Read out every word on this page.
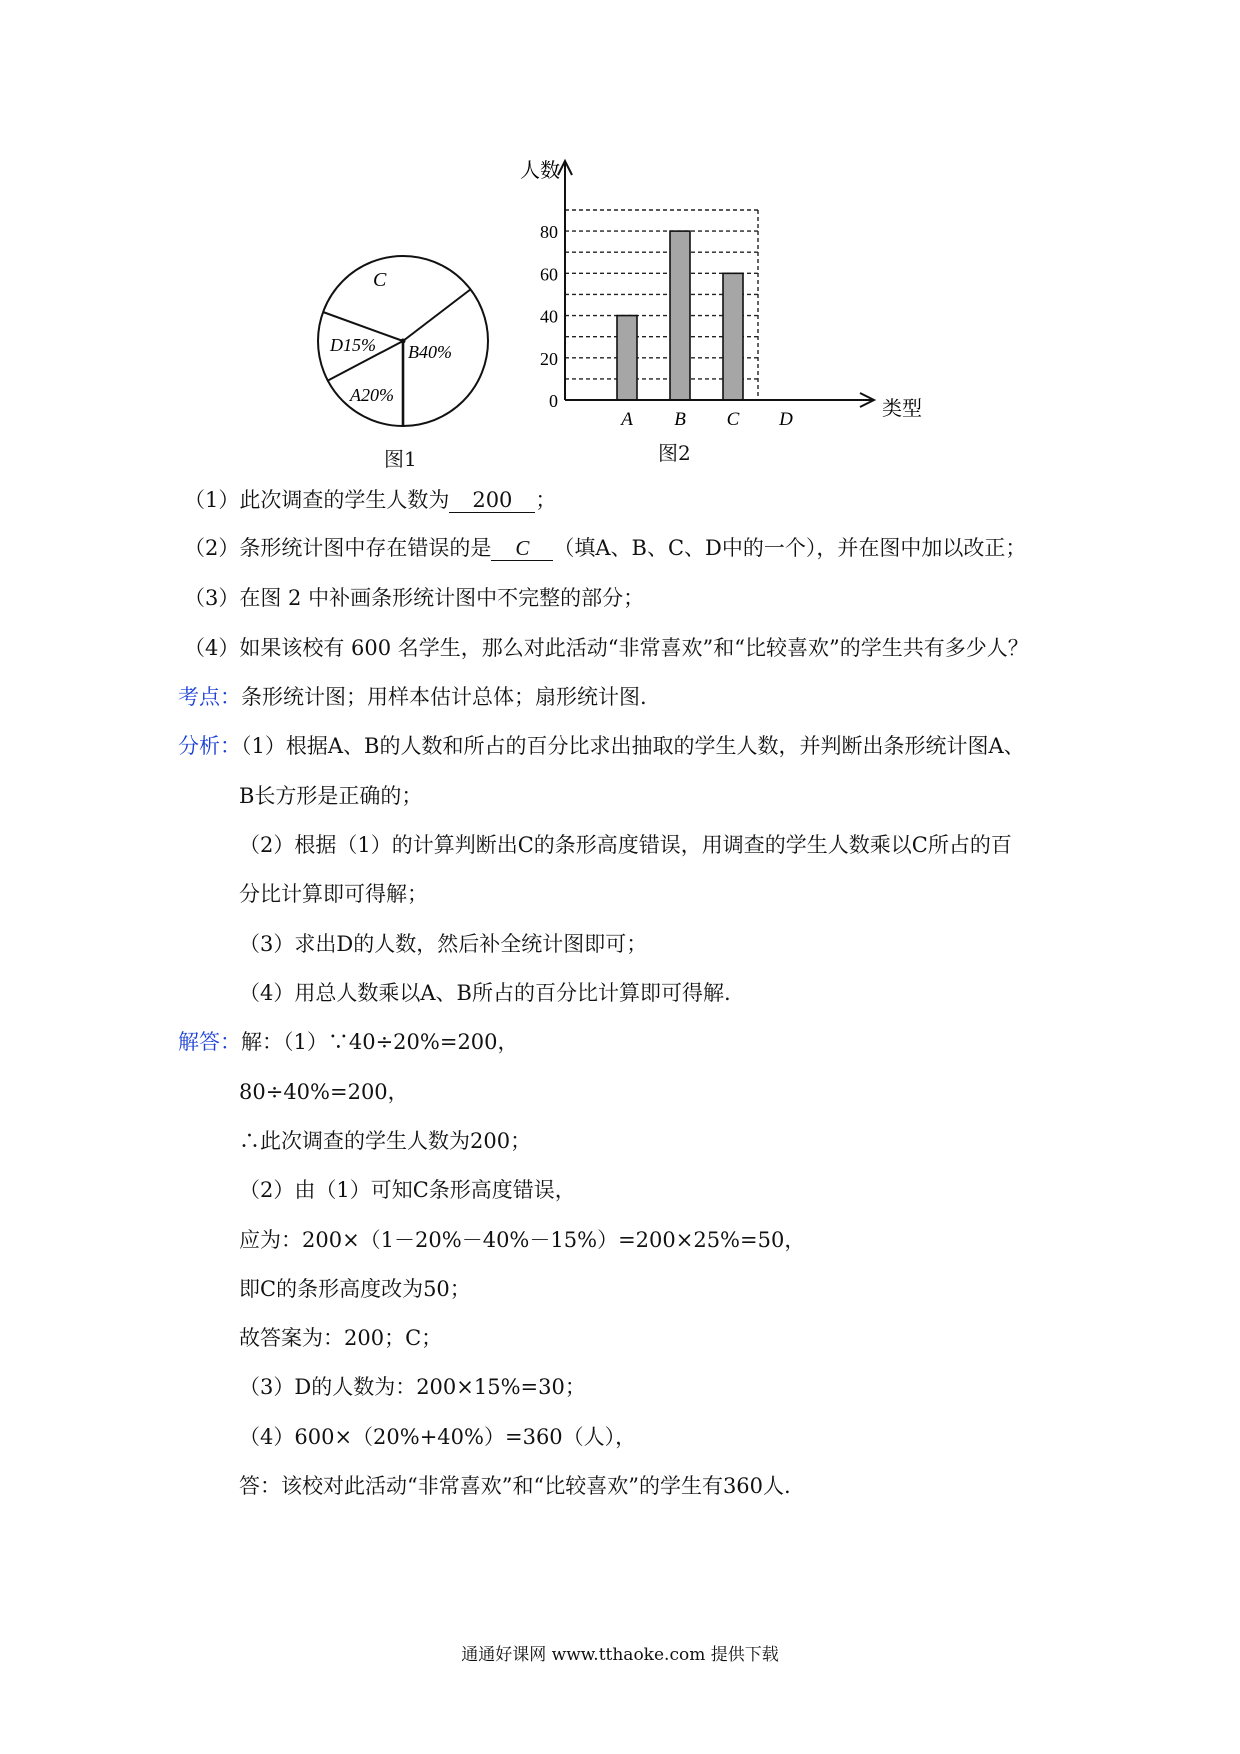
C
D15% B40%
A20%
图1
人数
类型
0
20
40
60
80
A B C D
图2
（1）此次调查的学生人数为 200 ；
（2）条形统计图中存在错误的是 C （填A、B、C、D中的一个），并在图中加以改正；
（3）在图 2 中补画条形统计图中不完整的部分；
（4）如果该校有 600 名学生，那么对此活动“非常喜欢”和“比较喜欢”的学生共有多少人？
考点：条形统计图；用样本估计总体；扇形统计图.
分析：（1）根据A、B的人数和所占的百分比求出抽取的学生人数，并判断出条形统计图A、
B长方形是正确的；
（2）根据（1）的计算判断出C的条形高度错误，用调查的学生人数乘以C所占的百
分比计算即可得解；
（3）求出D的人数，然后补全统计图即可；
（4）用总人数乘以A、B所占的百分比计算即可得解.
解答：解：（1）∵40÷20%=200，
80÷40%=200，
∴此次调查的学生人数为200；
（2）由（1）可知C条形高度错误，
应为：200×（1－20%－40%－15%）=200×25%=50，
即C的条形高度改为50；
故答案为：200；C；
（3）D的人数为：200×15%=30；
（4）600×（20%+40%）=360（人），
答：该校对此活动“非常喜欢”和“比较喜欢”的学生有360人.
通通好课网 www.tthaoke.com 提供下载
